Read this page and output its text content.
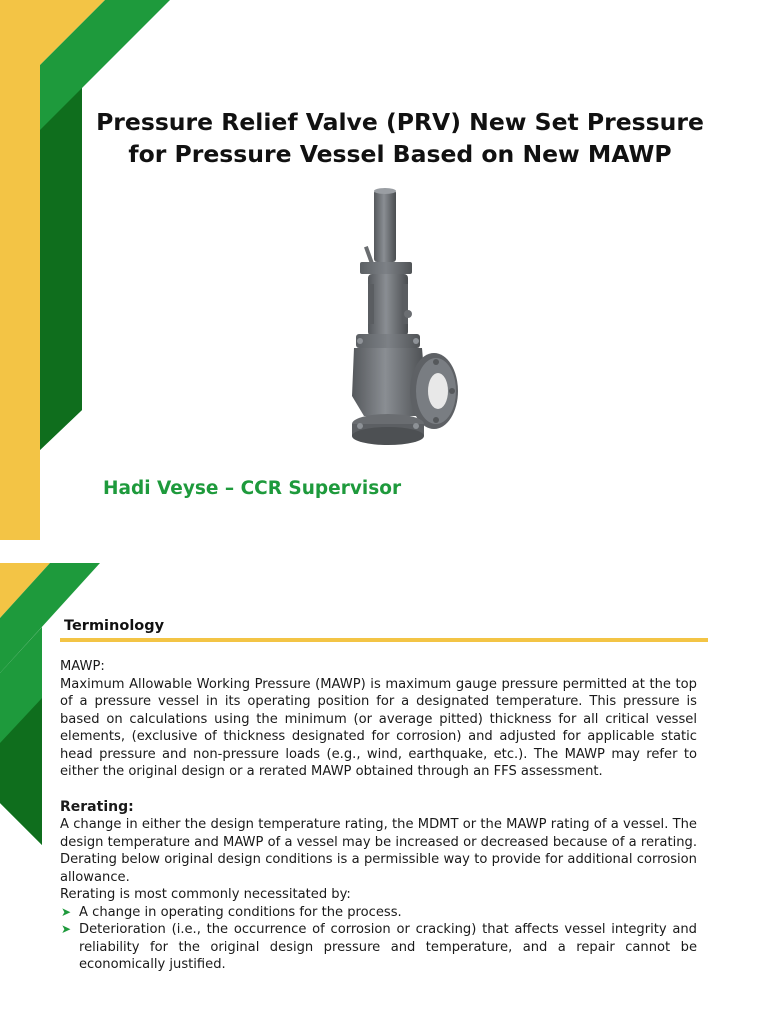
Pressure Relief Valve (PRV) New Set Pressure
for Pressure Vessel Based on New MAWP
Hadi Veyse – CCR Supervisor
Terminology

MAWP:

Maximum Allowable Working Pressure (MAWP) is maximum gauge pressure permitted at the top of a pressure vessel in its operating position for a designated temperature. This pressure is based on calculations using the minimum (or average pitted) thickness for all critical vessel elements, (exclusive of thickness designated for corrosion) and adjusted for applicable static head pressure and non-pressure loads (e.g., wind, earthquake, etc.). The MAWP may refer to either the original design or a rerated MAWP obtained through an FFS assessment.

Rerating:

A change in either the design temperature rating, the MDMT or the MAWP rating of a vessel. The design temperature and MAWP of a vessel may be increased or decreased because of a rerating. Derating below original design conditions is a permissible way to provide for additional corrosion allowance.

Rerating is most commonly necessitated by:

➤ A change in operating conditions for the process.
➤ Deterioration (i.e., the occurrence of corrosion or cracking) that affects vessel integrity and reliability for the original design pressure and temperature, and a repair cannot be economically justified.
